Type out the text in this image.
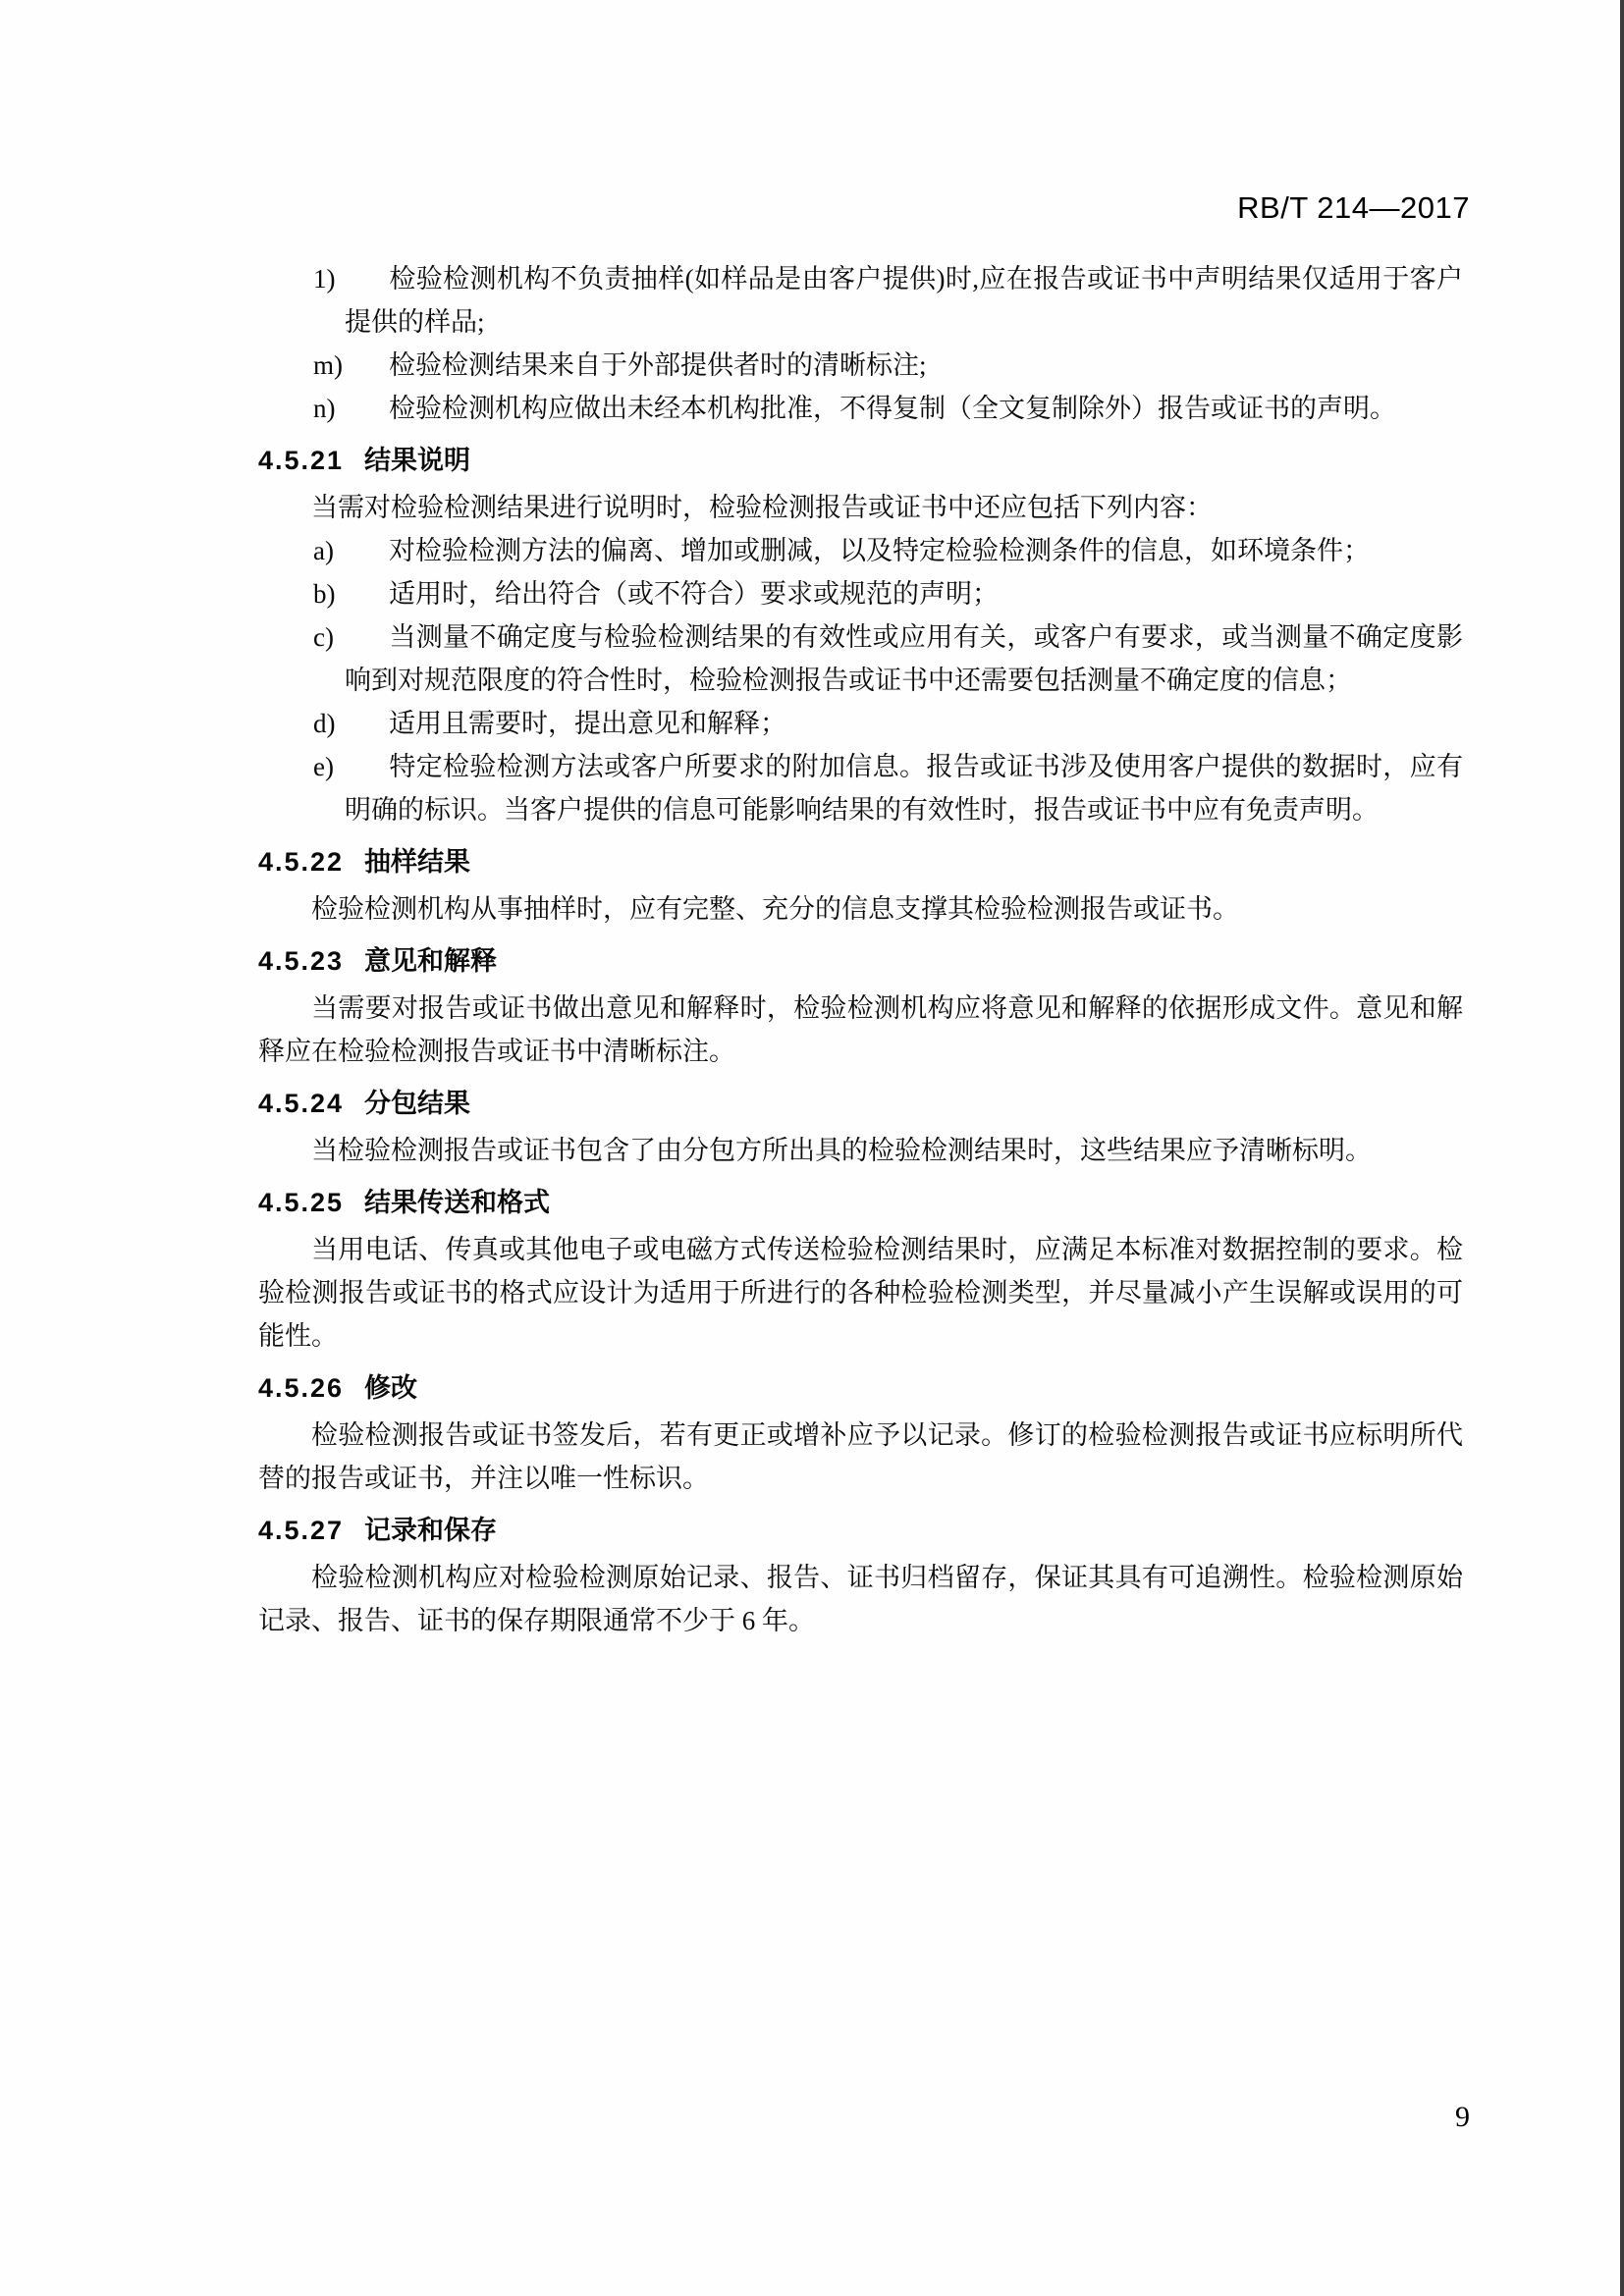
RB/T 214—2017
1) 检验检测机构不负责抽样(如样品是由客户提供)时,应在报告或证书中声明结果仅适用于客户提供的样品;
m) 检验检测结果来自于外部提供者时的清晰标注;
n) 检验检测机构应做出未经本机构批准，不得复制（全文复制除外）报告或证书的声明。
4.5.21 结果说明

当需对检验检测结果进行说明时，检验检测报告或证书中还应包括下列内容：

a) 对检验检测方法的偏离、增加或删减，以及特定检验检测条件的信息，如环境条件；
b) 适用时，给出符合（或不符合）要求或规范的声明；
c) 当测量不确定度与检验检测结果的有效性或应用有关，或客户有要求，或当测量不确定度影响到对规范限度的符合性时，检验检测报告或证书中还需要包括测量不确定度的信息；
d) 适用且需要时，提出意见和解释；
e) 特定检验检测方法或客户所要求的附加信息。报告或证书涉及使用客户提供的数据时，应有明确的标识。当客户提供的信息可能影响结果的有效性时，报告或证书中应有免责声明。
4.5.22 抽样结果

检验检测机构从事抽样时，应有完整、充分的信息支撑其检验检测报告或证书。

4.5.23 意见和解释

当需要对报告或证书做出意见和解释时，检验检测机构应将意见和解释的依据形成文件。意见和解释应在检验检测报告或证书中清晰标注。

4.5.24 分包结果

当检验检测报告或证书包含了由分包方所出具的检验检测结果时，这些结果应予清晰标明。

4.5.25 结果传送和格式

当用电话、传真或其他电子或电磁方式传送检验检测结果时，应满足本标准对数据控制的要求。检验检测报告或证书的格式应设计为适用于所进行的各种检验检测类型，并尽量减小产生误解或误用的可能性。

4.5.26 修改

检验检测报告或证书签发后，若有更正或增补应予以记录。修订的检验检测报告或证书应标明所代替的报告或证书，并注以唯一性标识。

4.5.27 记录和保存

检验检测机构应对检验检测原始记录、报告、证书归档留存，保证其具有可追溯性。检验检测原始记录、报告、证书的保存期限通常不少于 6 年。

9
